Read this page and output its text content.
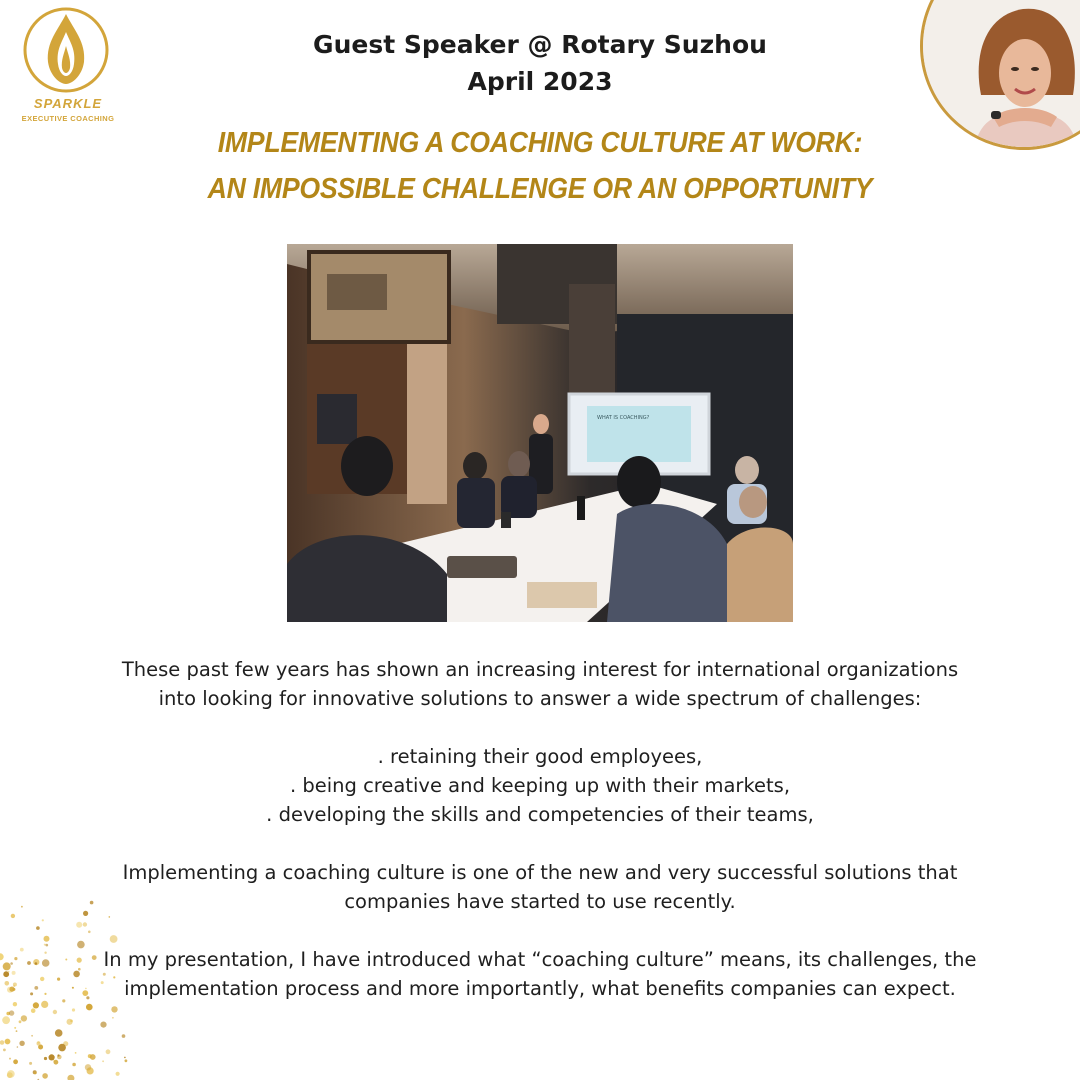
SPARKLE
EXECUTIVE COACHING
Guest Speaker @ Rotary Suzhou
April 2023
IMPLEMENTING A COACHING CULTURE AT WORK:
AN IMPOSSIBLE CHALLENGE OR AN OPPORTUNITY
WHAT IS COACHING?

These past few years has shown an increasing interest for international organizations

into looking for innovative solutions to answer a wide spectrum of challenges:

. retaining their good employees,

. being creative and keeping up with their markets,

. developing the skills and competencies of their teams,

Implementing a coaching culture is one of the new and very successful solutions that

companies have started to use recently.

In my presentation, I have introduced what “coaching culture” means, its challenges, the

implementation process and more importantly, what benefits companies can expect.
